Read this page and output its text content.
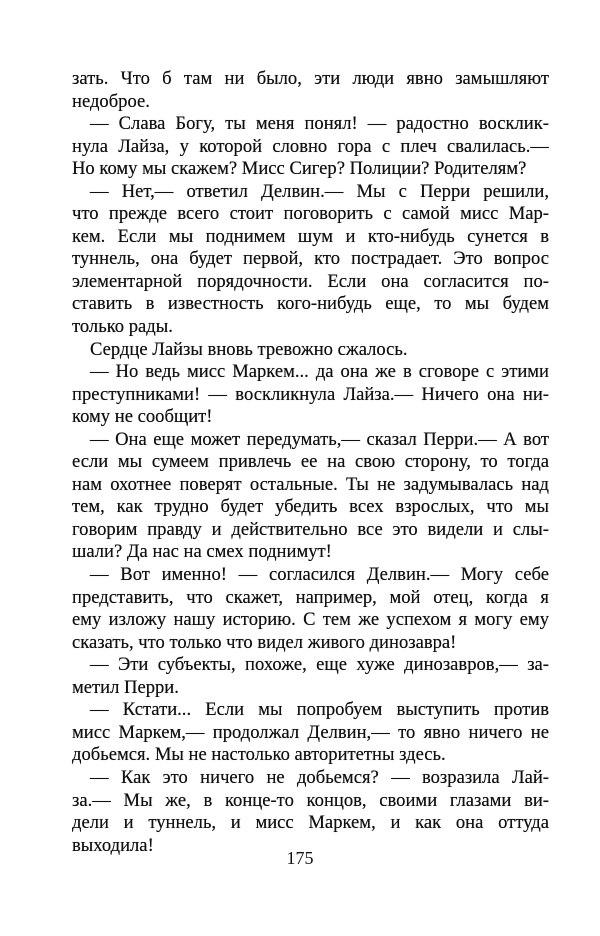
зать. Что б там ни было, эти люди явно замышляют
недоброе.
— Слава Богу, ты меня понял! — радостно восклик-
нула Лайза, у которой словно гора с плеч свалилась.—
Но кому мы скажем? Мисс Сигер? Полиции? Родителям?
— Нет,— ответил Делвин.— Мы с Перри решили,
что прежде всего стоит поговорить с самой мисс Мар-
кем. Если мы поднимем шум и кто-нибудь сунется в
туннель, она будет первой, кто пострадает. Это вопрос
элементарной порядочности. Если она согласится по-
ставить в известность кого-нибудь еще, то мы будем
только рады.
Сердце Лайзы вновь тревожно сжалось.
— Но ведь мисс Маркем... да она же в сговоре с этими
преступниками! — воскликнула Лайза.— Ничего она ни-
кому не сообщит!
— Она еще может передумать,— сказал Перри.— А вот
если мы сумеем привлечь ее на свою сторону, то тогда
нам охотнее поверят остальные. Ты не задумывалась над
тем, как трудно будет убедить всех взрослых, что мы
говорим правду и действительно все это видели и слы-
шали? Да нас на смех поднимут!
— Вот именно! — согласился Делвин.— Могу себе
представить, что скажет, например, мой отец, когда я
ему изложу нашу историю. С тем же успехом я могу ему
сказать, что только что видел живого динозавра!
— Эти субъекты, похоже, еще хуже динозавров,— за-
метил Перри.
— Кстати... Если мы попробуем выступить против
мисс Маркем,— продолжал Делвин,— то явно ничего не
добьемся. Мы не настолько авторитетны здесь.
— Как это ничего не добьемся? — возразила Лай-
за.— Мы же, в конце-то концов, своими глазами ви-
дели и туннель, и мисс Маркем, и как она оттуда
выходила!
175
